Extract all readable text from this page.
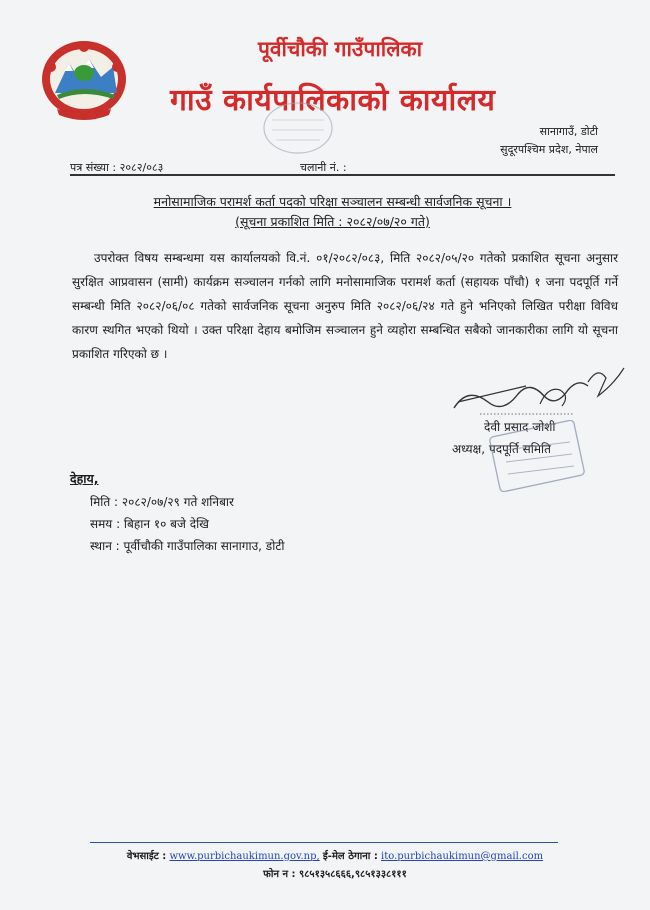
पूर्वीचौकी गाउँपालिका
गाउँ कार्यपालिकाको कार्यालय
सानागाउँ, डोटी
सुदूरपश्चिम प्रदेश, नेपाल
पत्र संख्या : २०८२/०८३	चलानी नं. :
मनोसामाजिक परामर्श कर्ता पदको परिक्षा सञ्चालन सम्बन्धी सार्वजनिक सूचना ।
(सूचना प्रकाशित मिति : २०८२/०७/२० गते)
उपरोक्त विषय सम्बन्धमा यस कार्यालयको वि.नं. ०१/२०८२/०८३, मिति २०८२/०५/२० गतेको प्रकाशित सूचना अनुसार सुरक्षित आप्रवासन (सामी) कार्यक्रम सञ्चालन गर्नको लागि मनोसामाजिक परामर्श कर्ता (सहायक पाँचौ) १ जना पदपूर्ति गर्ने सम्बन्धी मिति २०८२/०६/०८ गतेको सार्वजनिक सूचना अनुरुप मिति २०८२/०६/२४ गते हुने भनिएको लिखित परीक्षा विविध कारण स्थगित भएको थियो । उक्त परिक्षा देहाय बमोजिम सञ्चालन हुने व्यहोरा सम्बन्धित सबैको जानकारीका लागि यो सूचना प्रकाशित गरिएको छ ।
देवी प्रसाद जोशी
अध्यक्ष, पदपूर्ति समिति
देहाय,
मिति : २०८२/०७/२९ गते शनिबार
समय : बिहान १० बजे देखि
स्थान : पूर्वीचौकी गाउँपालिका सानागाउ, डोटी
वेभसाईट : www.purbichaukimun.gov.np, ई-मेल ठेगाना : ito.purbichaukimun@gmail.com
फोन न : ९८५१३५८६६६,९८५१३३८१११
